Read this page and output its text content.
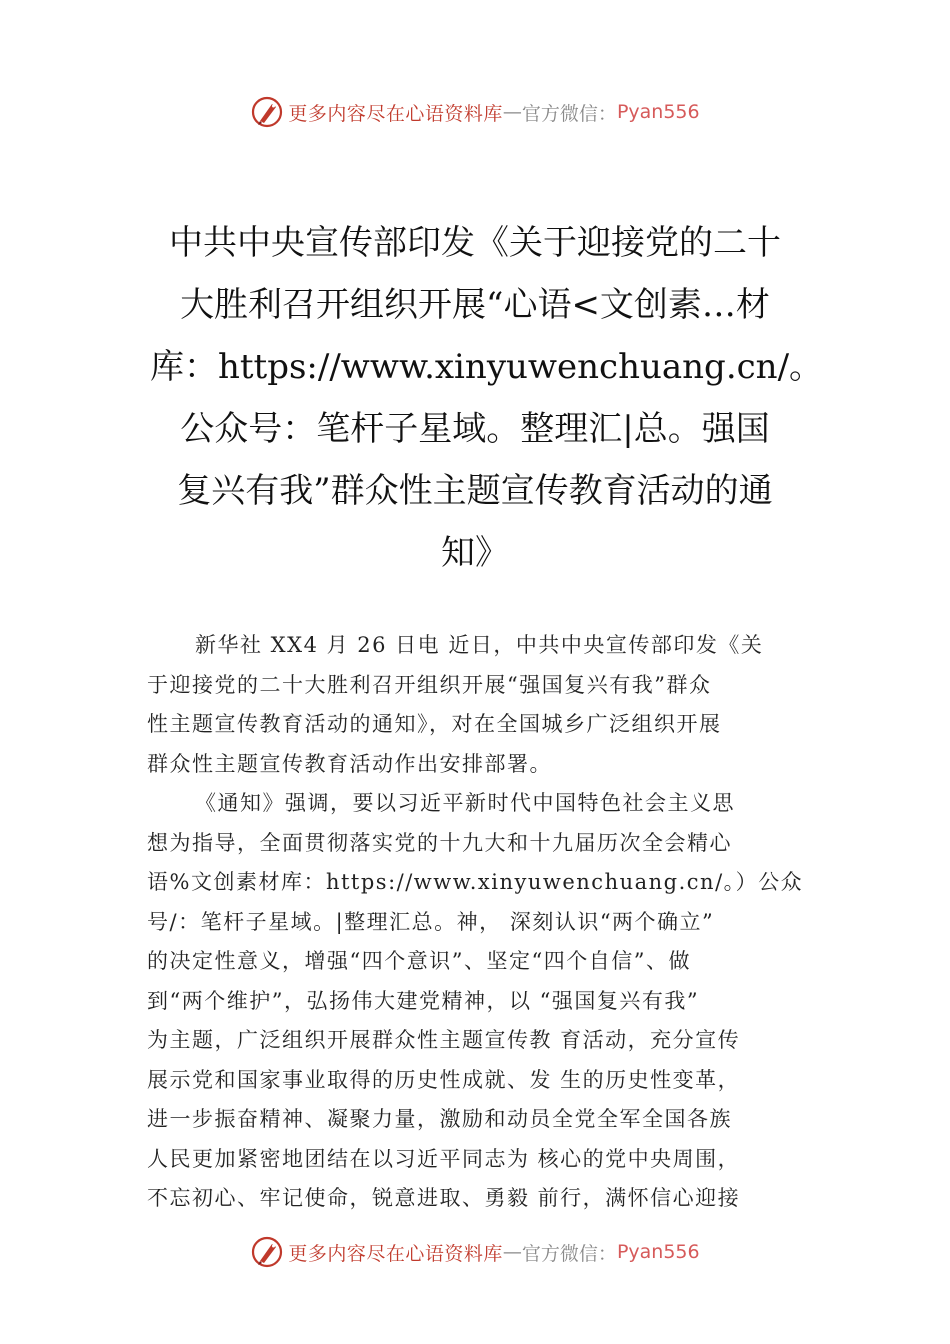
更多内容尽在心语资料库 — 官方微信： Pyan556
中共中央宣传部印发《关于迎接党的二十
大胜利召开组织开展“心语<文创素…材
库：https://www.xinyuwenchuang.cn/。
公众号：笔杆子星域。整理汇|总。强国
复兴有我”群众性主题宣传教育活动的通
知》
新华社 XX4 月 26 日电 近日，中共中央宣传部印发《关
于迎接党的二十大胜利召开组织开展“强国复兴有我”群众
性主题宣传教育活动的通知》，对在全国城乡广泛组织开展
群众性主题宣传教育活动作出安排部署。
《通知》强调，要以习近平新时代中国特色社会主义思
想为指导，全面贯彻落实党的十九大和十九届历次全会精心
语%文创素材库：https://www.xinyuwenchuang.cn/。）公众
号/：笔杆子星域。|整理汇总。神， 深刻认识“两个确立”
的决定性意义，增强“四个意识”、坚定“四个自信”、做
到“两个维护”，弘扬伟大建党精神，以 “强国复兴有我”
为主题，广泛组织开展群众性主题宣传教 育活动，充分宣传
展示党和国家事业取得的历史性成就、发 生的历史性变革，
进一步振奋精神、凝聚力量，激励和动员全党全军全国各族
人民更加紧密地团结在以习近平同志为 核心的党中央周围，
不忘初心、牢记使命，锐意进取、勇毅 前行，满怀信心迎接
更多内容尽在心语资料库 — 官方微信： Pyan556
